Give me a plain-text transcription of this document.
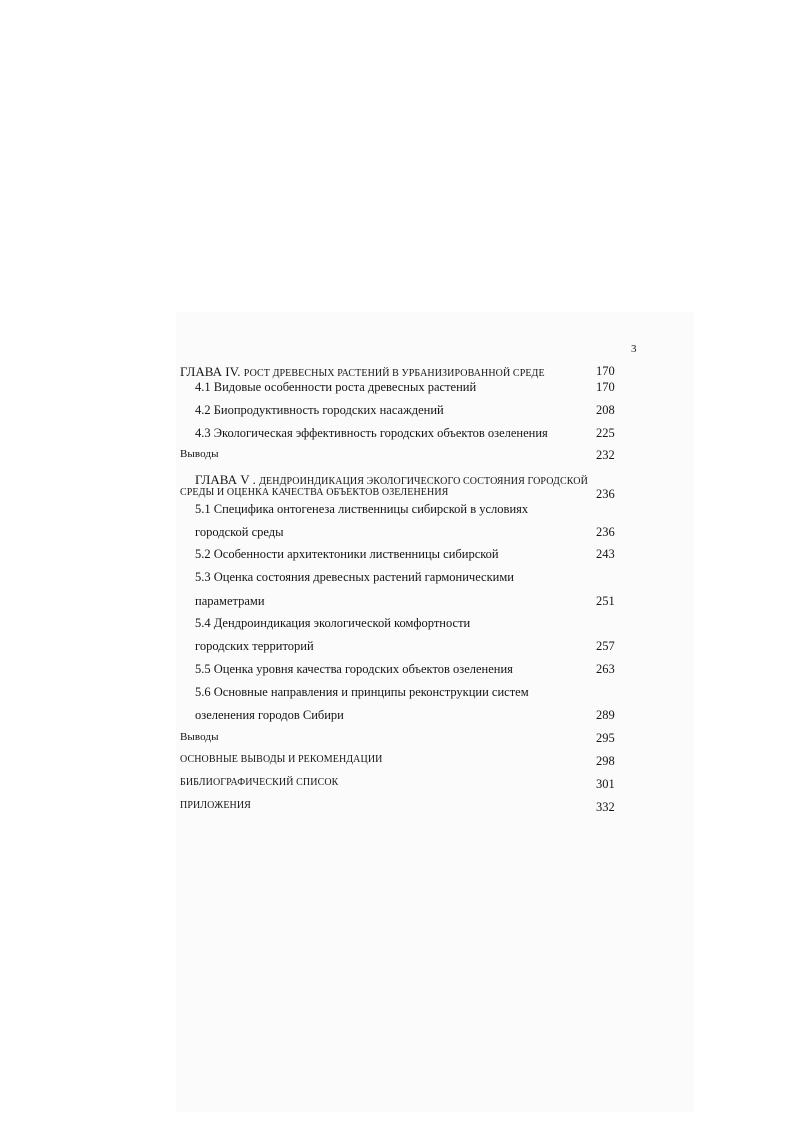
3
ГЛАВА IV. РОСТ ДРЕВЕСНЫХ РАСТЕНИЙ В УРБАНИЗИРОВАННОЙ СРЕДЕ	170
4.1 Видовые особенности роста древесных растений	170
4.2 Биопродуктивность городских насаждений	208
4.3 Экологическая эффективность городских объектов озеленения	225
Выводы	232
ГЛАВА V . ДЕНДРОИНДИКАЦИЯ ЭКОЛОГИЧЕСКОГО СОСТОЯНИЯ ГОРОДСКОЙ
СРЕДЫ И ОЦЕНКА КАЧЕСТВА ОБЪЕКТОВ ОЗЕЛЕНЕНИЯ	236
5.1 Специфика онтогенеза лиственницы сибирской в условиях
городской среды	236
5.2 Особенности архитектоники лиственницы сибирской	243
5.3 Оценка состояния древесных растений гармоническими
параметрами	251
5.4 Дендроиндикация экологической комфортности
городских территорий	257
5.5 Оценка уровня качества городских объектов озеленения	263
5.6 Основные направления и принципы реконструкции систем
озеленения городов Сибири	289
Выводы	295
ОСНОВНЫЕ ВЫВОДЫ И РЕКОМЕНДАЦИИ	298
БИБЛИОГРАФИЧЕСКИЙ СПИСОК	301
ПРИЛОЖЕНИЯ	332
